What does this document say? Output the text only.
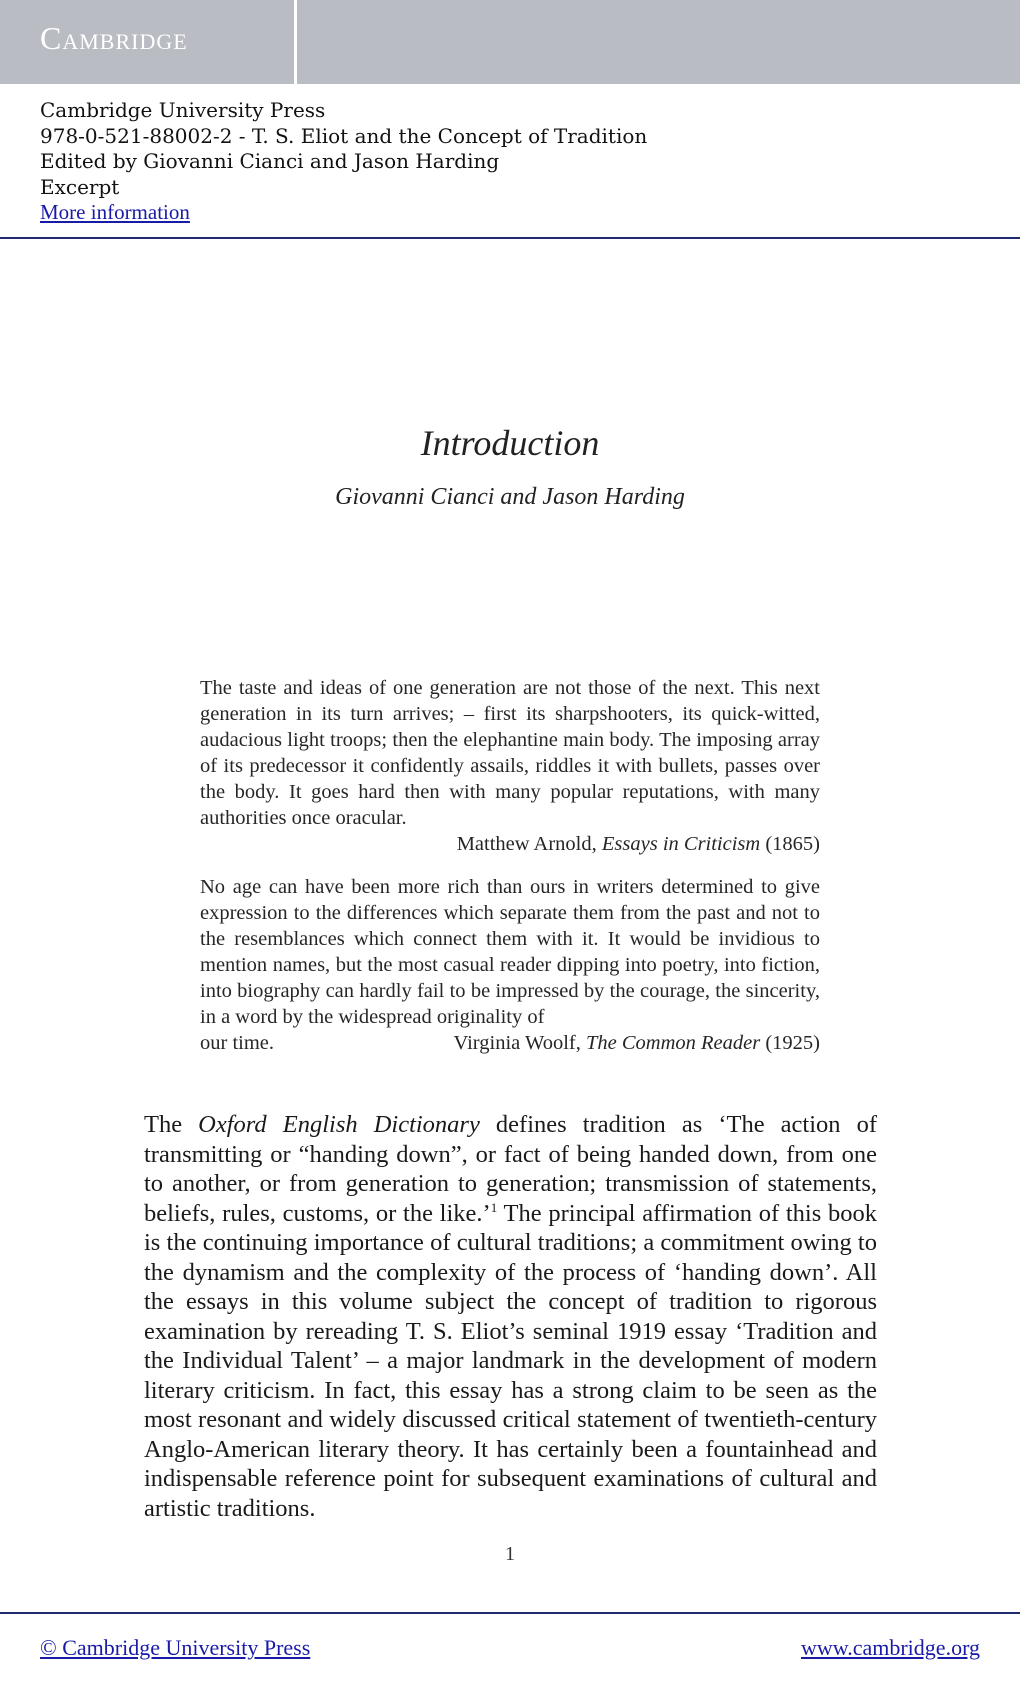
Cambridge
Cambridge University Press
978-0-521-88002-2 - T. S. Eliot and the Concept of Tradition
Edited by Giovanni Cianci and Jason Harding
Excerpt
More information
Introduction
Giovanni Cianci and Jason Harding
The taste and ideas of one generation are not those of the next. This next generation in its turn arrives; – first its sharpshooters, its quick-witted, audacious light troops; then the elephantine main body. The imposing array of its predecessor it confidently assails, riddles it with bullets, passes over the body. It goes hard then with many popular reputations, with many authorities once oracular.
Matthew Arnold, Essays in Criticism (1865)
No age can have been more rich than ours in writers determined to give expression to the differences which separate them from the past and not to the resemblances which connect them with it. It would be invidious to mention names, but the most casual reader dipping into poetry, into fiction, into biography can hardly fail to be impressed by the courage, the sincerity, in a word by the widespread originality of
our time.	Virginia Woolf, The Common Reader (1925)
The Oxford English Dictionary defines tradition as ‘The action of transmitting or “handing down”, or fact of being handed down, from one to another, or from generation to generation; transmission of statements, beliefs, rules, customs, or the like.’$^1$ The principal affirmation of this book is the continuing importance of cultural traditions; a commitment owing to the dynamism and the complexity of the process of ‘handing down’. All the essays in this volume subject the concept of tradition to rigorous examination by rereading T. S. Eliot’s seminal 1919 essay ‘Tradition and the Individual Talent’ – a major landmark in the development of modern literary criticism. In fact, this essay has a strong claim to be seen as the most resonant and widely discussed critical statement of twentieth-century Anglo-American literary theory. It has certainly been a fountainhead and indispensable reference point for subsequent examinations of cultural and artistic traditions.
1
© Cambridge University Press	www.cambridge.org
